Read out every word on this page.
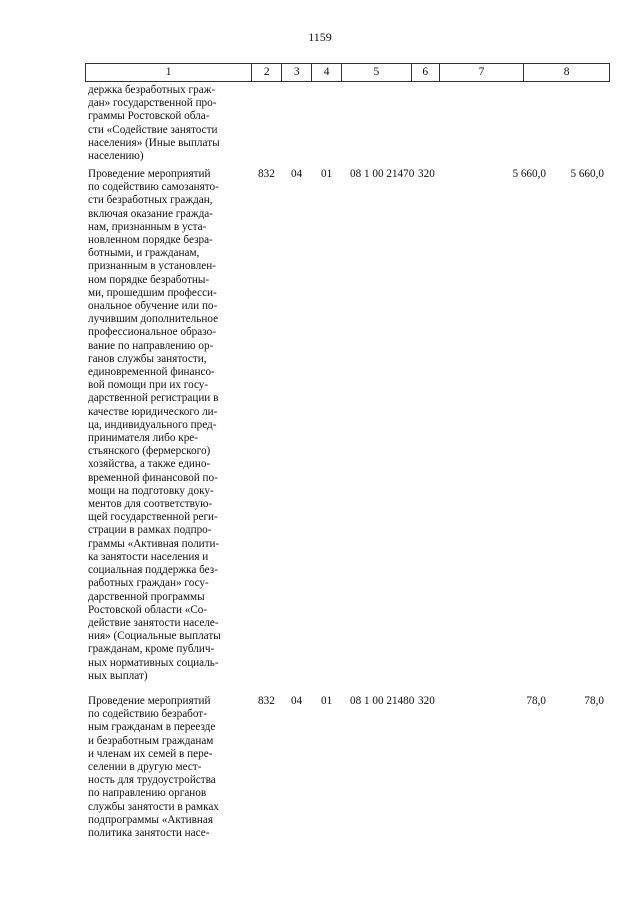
1159
1	2	3	4	5	6	7	8
держка безработных граж-
дан» государственной про-
граммы Ростовской обла-
сти «Содействие занятости
населения» (Иные выплаты
населению)
Проведение мероприятий
по содействию самозанято-
сти безработных граждан,
включая оказание гражда-
нам, признанным в уста-
новленном порядке безра-
ботными, и гражданам,
признанным в установлен-
ном порядке безработны-
ми, прошедшим професси-
ональное обучение или по-
лучившим дополнительное
профессиональное образо-
вание по направлению ор-
ганов службы занятости,
единовременной финансо-
вой помощи при их госу-
дарственной регистрации в
качестве юридического ли-
ца, индивидуального пред-
принимателя либо кре-
стьянского (фермерского)
хозяйства, а также едино-
временной финансовой по-
мощи на подготовку доку-
ментов для соответствую-
щей государственной реги-
страции в рамках подпро-
граммы «Активная полити-
ка занятости населения и
социальная поддержка без-
работных граждан» госу-
дарственной программы
Ростовской области «Со-
действие занятости населе-
ния» (Социальные выплаты
гражданам, кроме публич-
ных нормативных социаль-
ных выплат)
832 04	01	08 1 00 21470 320	5 660,0	5 660,0
Проведение мероприятий
по содействию безработ-
ным гражданам в переезде
и безработным гражданам
и членам их семей в пере-
селении в другую мест-
ность для трудоустройства
по направлению органов
службы занятости в рамках
подпрограммы «Активная
политика занятости насе-
832 04	01	08 1 00 21480 320	78,0	78,0
